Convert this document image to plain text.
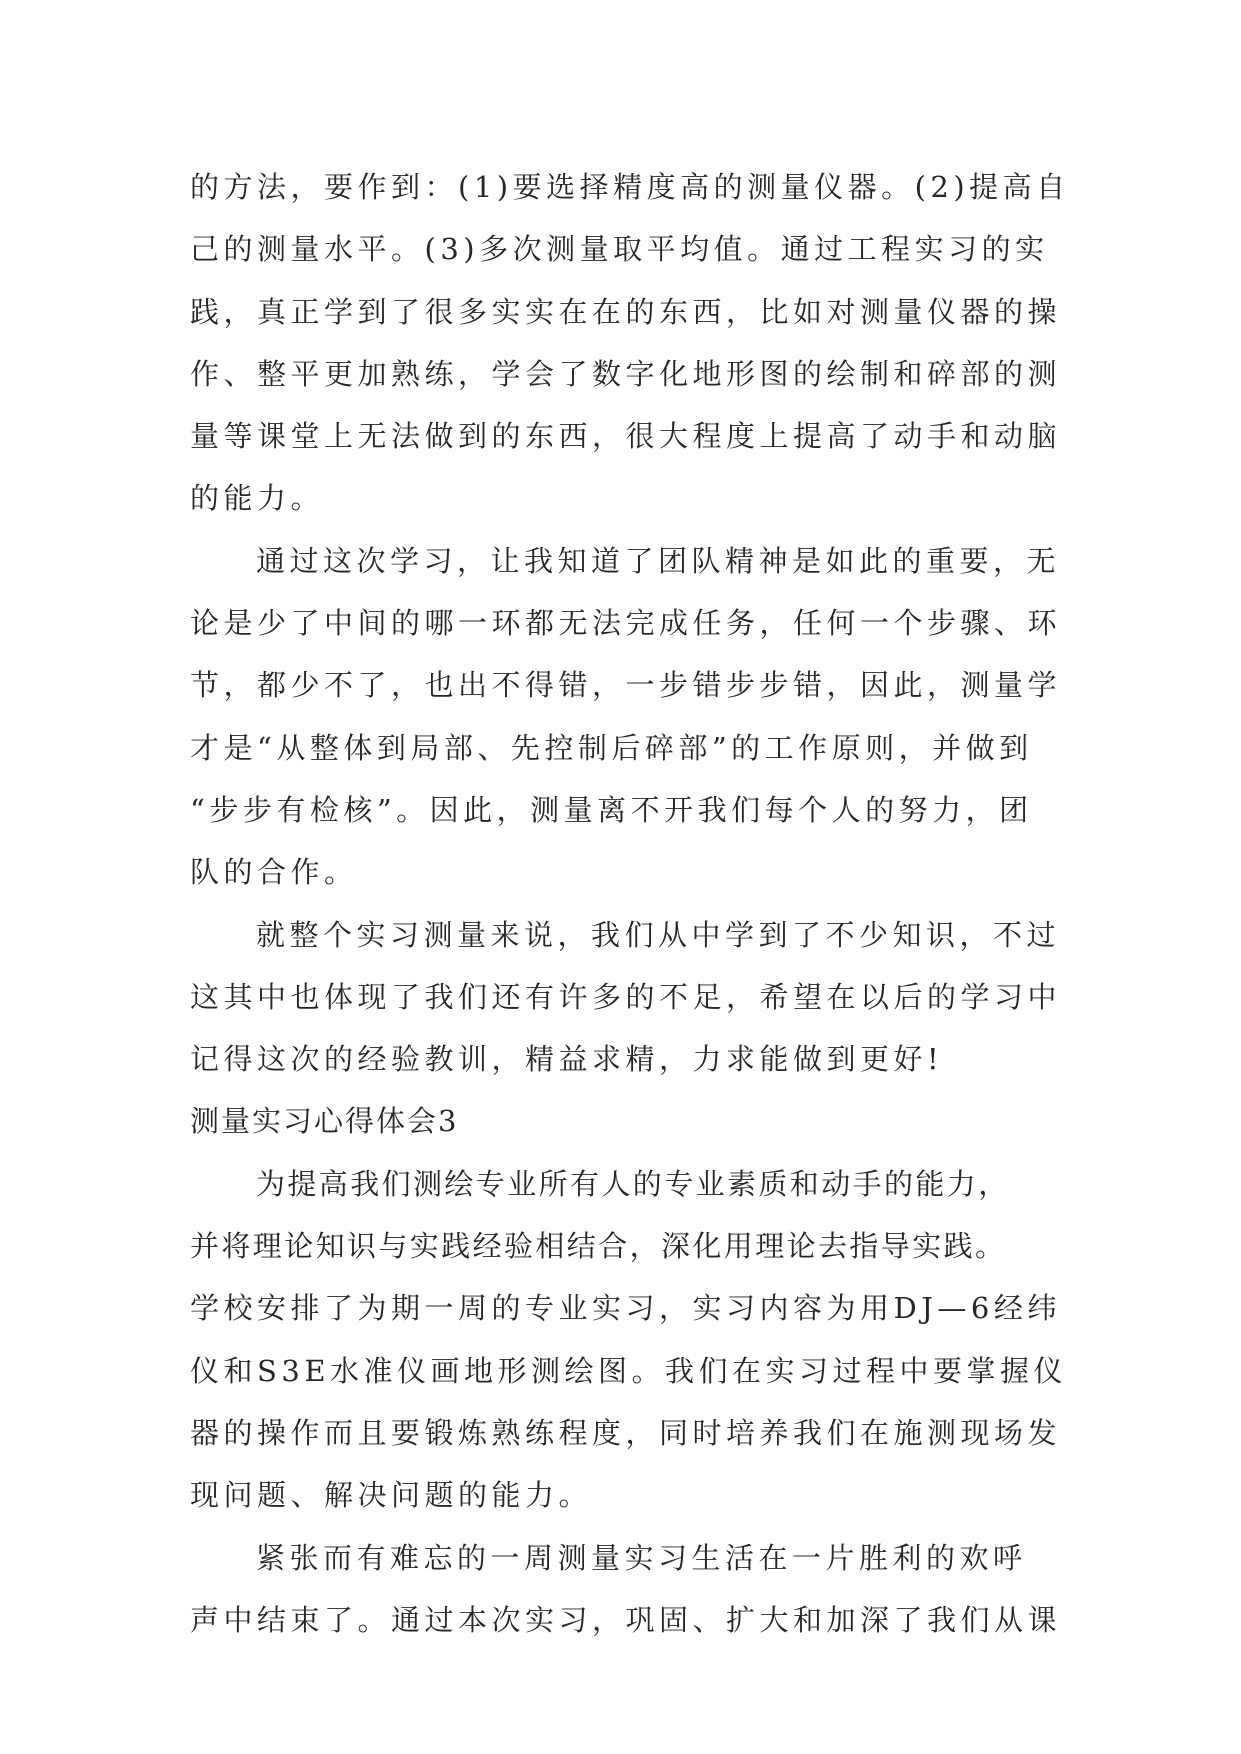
的方法，要作到：(1)要选择精度高的测量仪器。(2)提高自
己的测量水平。(3)多次测量取平均值。通过工程实习的实
践，真正学到了很多实实在在的东西，比如对测量仪器的操
作、整平更加熟练，学会了数字化地形图的绘制和碎部的测
量等课堂上无法做到的东西，很大程度上提高了动手和动脑
的能力。
通过这次学习，让我知道了团队精神是如此的重要，无
论是少了中间的哪一环都无法完成任务，任何一个步骤、环
节，都少不了，也出不得错，一步错步步错，因此，测量学
才是“从整体到局部、先控制后碎部”的工作原则，并做到
“步步有检核”。因此，测量离不开我们每个人的努力，团
队的合作。
就整个实习测量来说，我们从中学到了不少知识，不过
这其中也体现了我们还有许多的不足，希望在以后的学习中
记得这次的经验教训，精益求精，力求能做到更好!
测量实习心得体会3
为提高我们测绘专业所有人的专业素质和动手的能力，
并将理论知识与实践经验相结合，深化用理论去指导实践。
学校安排了为期一周的专业实习，实习内容为用DJ—6经纬
仪和S3E水准仪画地形测绘图。我们在实习过程中要掌握仪
器的操作而且要锻炼熟练程度，同时培养我们在施测现场发
现问题、解决问题的能力。
紧张而有难忘的一周测量实习生活在一片胜利的欢呼
声中结束了。通过本次实习，巩固、扩大和加深了我们从课
